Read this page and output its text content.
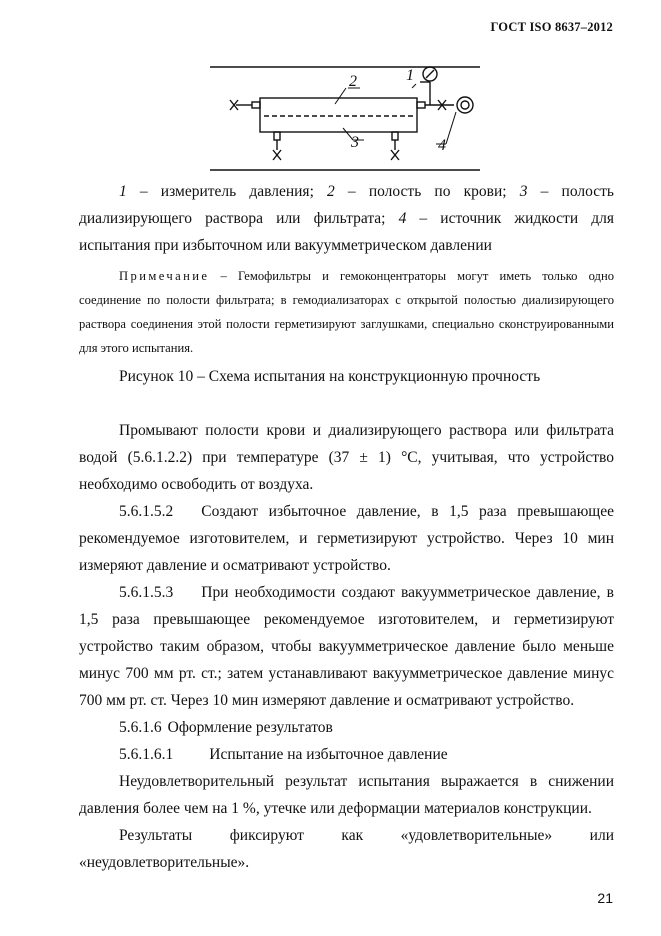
ГОСТ ISO 8637–2012
2	1
3	4
1 – измеритель давления; 2 – полость по крови; 3 – полость диализирующего раствора или фильтрата; 4 – источник жидкости для испытания при избыточном или вакуумметрическом давлении
Примечание – Гемофильтры и гемоконцентраторы могут иметь только одно соединение по полости фильтрата; в гемодиализаторах с открытой полостью диализирующего раствора соединения этой полости герметизируют заглушками, специально сконструированными для этого испытания.
Рисунок 10 – Схема испытания на конструкционную прочность

Промывают полости крови и диализирующего раствора или фильтрата водой (5.6.1.2.2) при температуре (37 ± 1) °С, учитывая, что устройство необходимо освободить от воздуха.

5.6.1.5.2 Создают избыточное давление, в 1,5 раза превышающее рекомендуемое изготовителем, и герметизируют устройство. Через 10 мин измеряют давление и осматривают устройство.

5.6.1.5.3 При необходимости создают вакуумметрическое давление, в 1,5 раза превышающее рекомендуемое изготовителем, и герметизируют устройство таким образом, чтобы вакуумметрическое давление было меньше минус 700 мм рт. ст.; затем устанавливают вакуумметрическое давление минус 700 мм рт. ст. Через 10 мин измеряют давление и осматривают устройство.

5.6.1.6 Оформление результатов

5.6.1.6.1 Испытание на избыточное давление

Неудовлетворительный результат испытания выражается в снижении давления более чем на 1 %, утечке или деформации материалов конструкции.

Результаты фиксируют как «удовлетворительные» или «неудовлетворительные».

21
